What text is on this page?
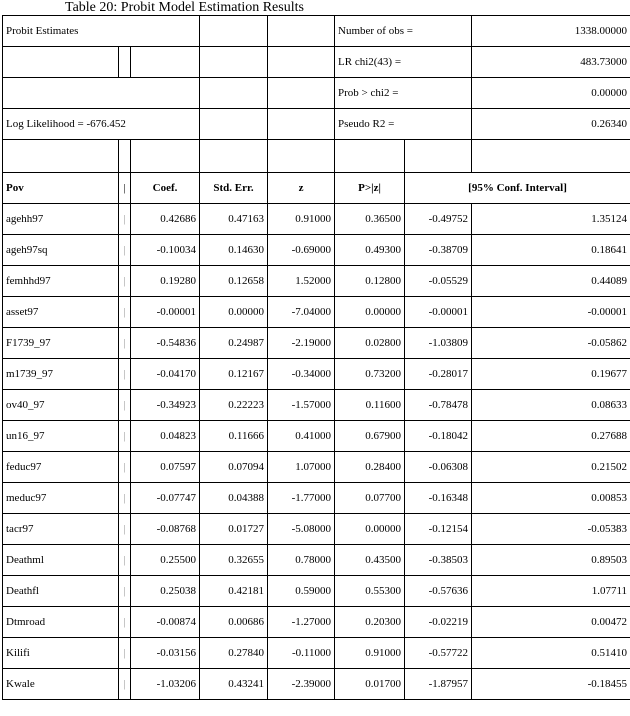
Table 20: Probit Model Estimation Results
Probit Estimates					Number of obs =		1338.00000
					LR chi2(43) =		483.73000
					Prob > chi2 =		0.00000
Log Likelihood = -676.452					Pseudo R2 =		0.26340

Pov	|	Coef.	Std. Err.	z	P>|z|	[95% Conf. Interval]	
agehh97	|	0.42686	0.47163	0.91000	0.36500	-0.49752	1.35124
ageh97sq	|	-0.10034	0.14630	-0.69000	0.49300	-0.38709	0.18641
femhhd97	|	0.19280	0.12658	1.52000	0.12800	-0.05529	0.44089
asset97	|	-0.00001	0.00000	-7.04000	0.00000	-0.00001	-0.00001
F1739_97	|	-0.54836	0.24987	-2.19000	0.02800	-1.03809	-0.05862
m1739_97	|	-0.04170	0.12167	-0.34000	0.73200	-0.28017	0.19677
ov40_97	|	-0.34923	0.22223	-1.57000	0.11600	-0.78478	0.08633
un16_97	|	0.04823	0.11666	0.41000	0.67900	-0.18042	0.27688
feduc97	|	0.07597	0.07094	1.07000	0.28400	-0.06308	0.21502
meduc97	|	-0.07747	0.04388	-1.77000	0.07700	-0.16348	0.00853
tacr97	|	-0.08768	0.01727	-5.08000	0.00000	-0.12154	-0.05383
Deathml	|	0.25500	0.32655	0.78000	0.43500	-0.38503	0.89503
Deathfl	|	0.25038	0.42181	0.59000	0.55300	-0.57636	1.07711
Dtmroad	|	-0.00874	0.00686	-1.27000	0.20300	-0.02219	0.00472
Kilifi	|	-0.03156	0.27840	-0.11000	0.91000	-0.57722	0.51410
Kwale	|	-1.03206	0.43241	-2.39000	0.01700	-1.87957	-0.18455
